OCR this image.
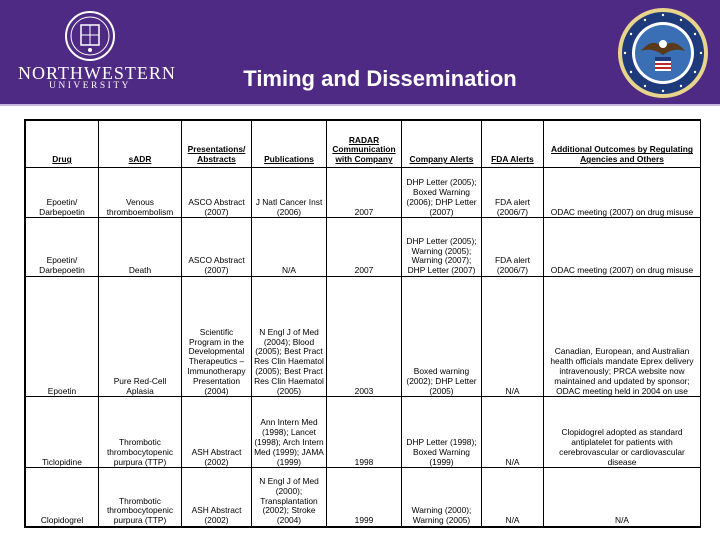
NORTHWESTERN
UNIVERSITY	Timing and Dissemination
Drug	sADR	Presentations/ Abstracts	Publications	RADAR Communication with Company	Company Alerts	FDA Alerts	Additional Outcomes by Regulating Agencies and Others
Epoetin/ Darbepoetin	Venous thromboembolism	ASCO Abstract (2007)	J Natl Cancer Inst (2006)	2007	DHP Letter (2005); Boxed Warning (2006); DHP Letter (2007)	FDA alert (2006/7)	ODAC meeting (2007) on drug misuse
Epoetin/ Darbepoetin	Death	ASCO Abstract (2007)	N/A	2007	DHP Letter (2005); Warning (2005); Warning (2007); DHP Letter (2007)	FDA alert (2006/7)	ODAC meeting (2007) on drug misuse
Epoetin	Pure Red-Cell Aplasia	Scientific Program in the Developmental Therapeutics – Immunotherapy Presentation (2004)	N Engl J of Med (2004); Blood (2005); Best Pract Res Clin Haematol (2005); Best Pract Res Clin Haematol (2005)	2003	Boxed warning (2002); DHP Letter (2005)	N/A	Canadian, European, and Australian health officials mandate Eprex delivery intravenously; PRCA website now maintained and updated by sponsor; ODAC meeting held in 2004 on use
Ticlopidine	Thrombotic thrombocytopenic purpura (TTP)	ASH Abstract (2002)	Ann Intern Med (1998); Lancet (1998); Arch Intern Med (1999); JAMA (1999)	1998	DHP Letter (1998); Boxed Warning (1999)	N/A	Clopidogrel adopted as standard antiplatelet for patients with cerebrovascular or cardiovascular disease
Clopidogrel	Thrombotic thrombocytopenic purpura (TTP)	ASH Abstract (2002)	N Engl J of Med (2000); Transplantation (2002); Stroke (2004)	1999	Warning (2000); Warning (2005)	N/A	N/A
